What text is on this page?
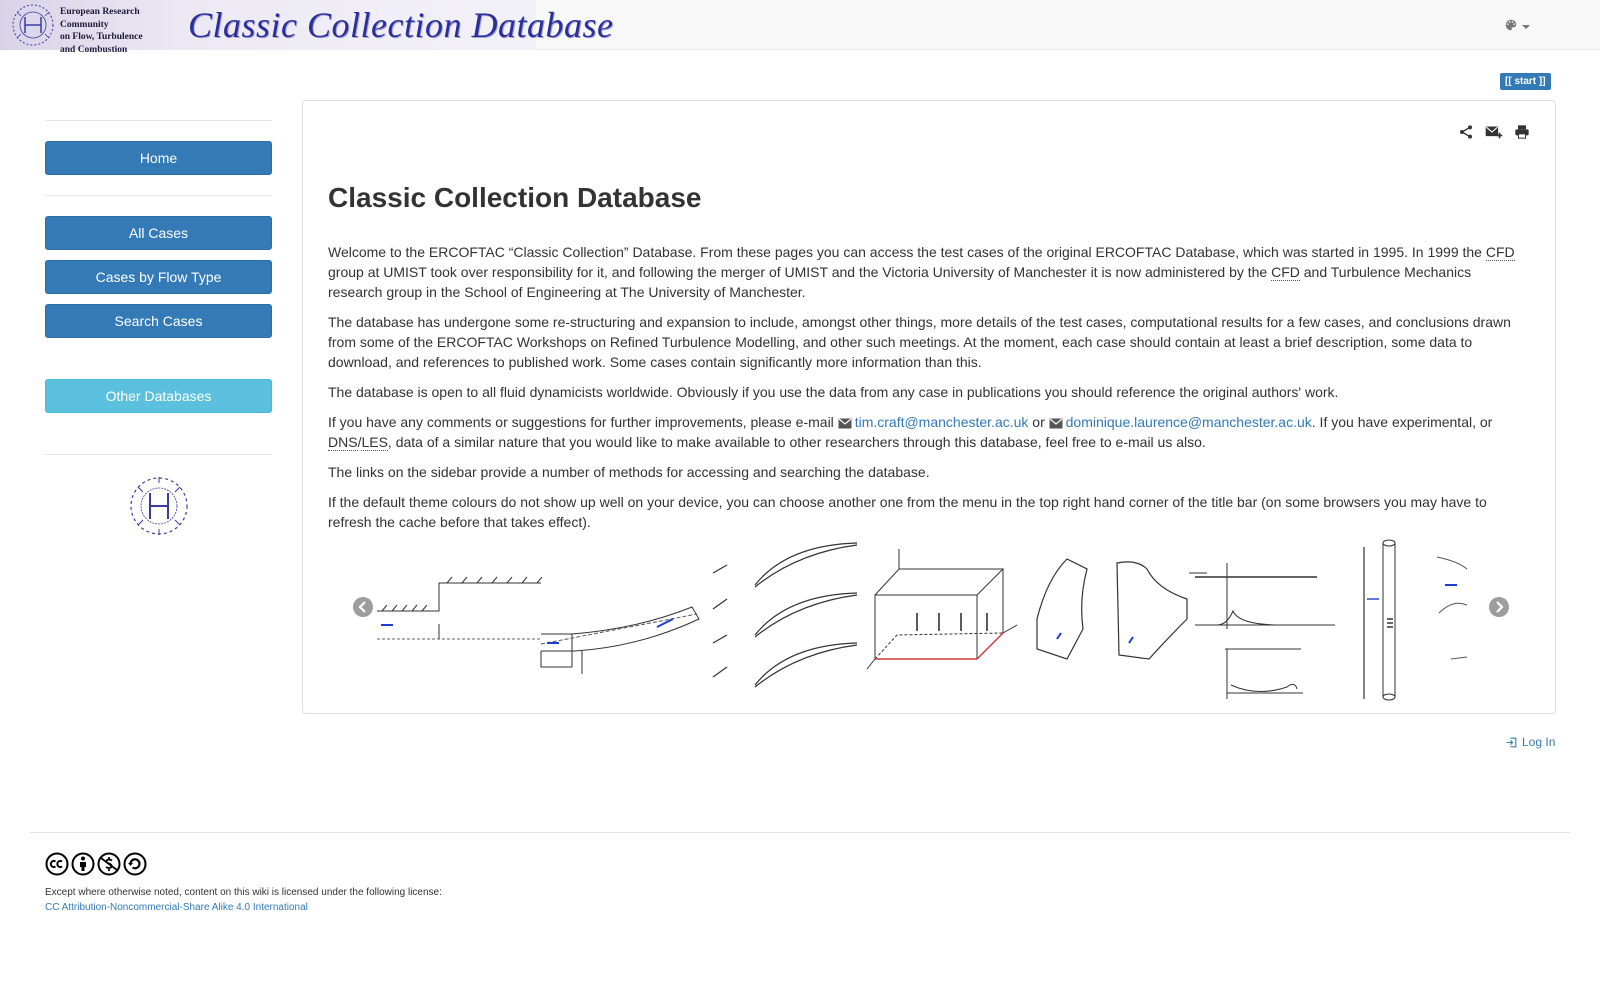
European Research Community
on Flow, Turbulence
and Combustion
Classic Collection Database
[[ start ]]
Home
All Cases
Cases by Flow Type
Search Cases
Other Databases
Classic Collection Database

Welcome to the ERCOFTAC “Classic Collection” Database. From these pages you can access the test cases of the original ERCOFTAC Database, which was started in 1995. In 1999 the CFD group at UMIST took over responsibility for it, and following the merger of UMIST and the Victoria University of Manchester it is now administered by the CFD and Turbulence Mechanics research group in the School of Engineering at The University of Manchester.

The database has undergone some re-structuring and expansion to include, amongst other things, more details of the test cases, computational results for a few cases, and conclusions drawn from some of the ERCOFTAC Workshops on Refined Turbulence Modelling, and other such meetings. At the moment, each case should contain at least a brief description, some data to download, and references to published work. Some cases contain significantly more information than this.

The database is open to all fluid dynamicists worldwide. Obviously if you use the data from any case in publications you should reference the original authors' work.

If you have any comments or suggestions for further improvements, please e-mail tim.craft@manchester.ac.uk or dominique.laurence@manchester.ac.uk. If you have experimental, or DNS/LES, data of a similar nature that you would like to make available to other researchers through this database, feel free to e-mail us also.

The links on the sidebar provide a number of methods for accessing and searching the database.

If the default theme colours do not show up well on your device, you can choose another one from the menu in the top right hand corner of the title bar (on some browsers you may have to refresh the cache before that takes effect).

Log In
Except where otherwise noted, content on this wiki is licensed under the following license:
CC Attribution-Noncommercial-Share Alike 4.0 International
